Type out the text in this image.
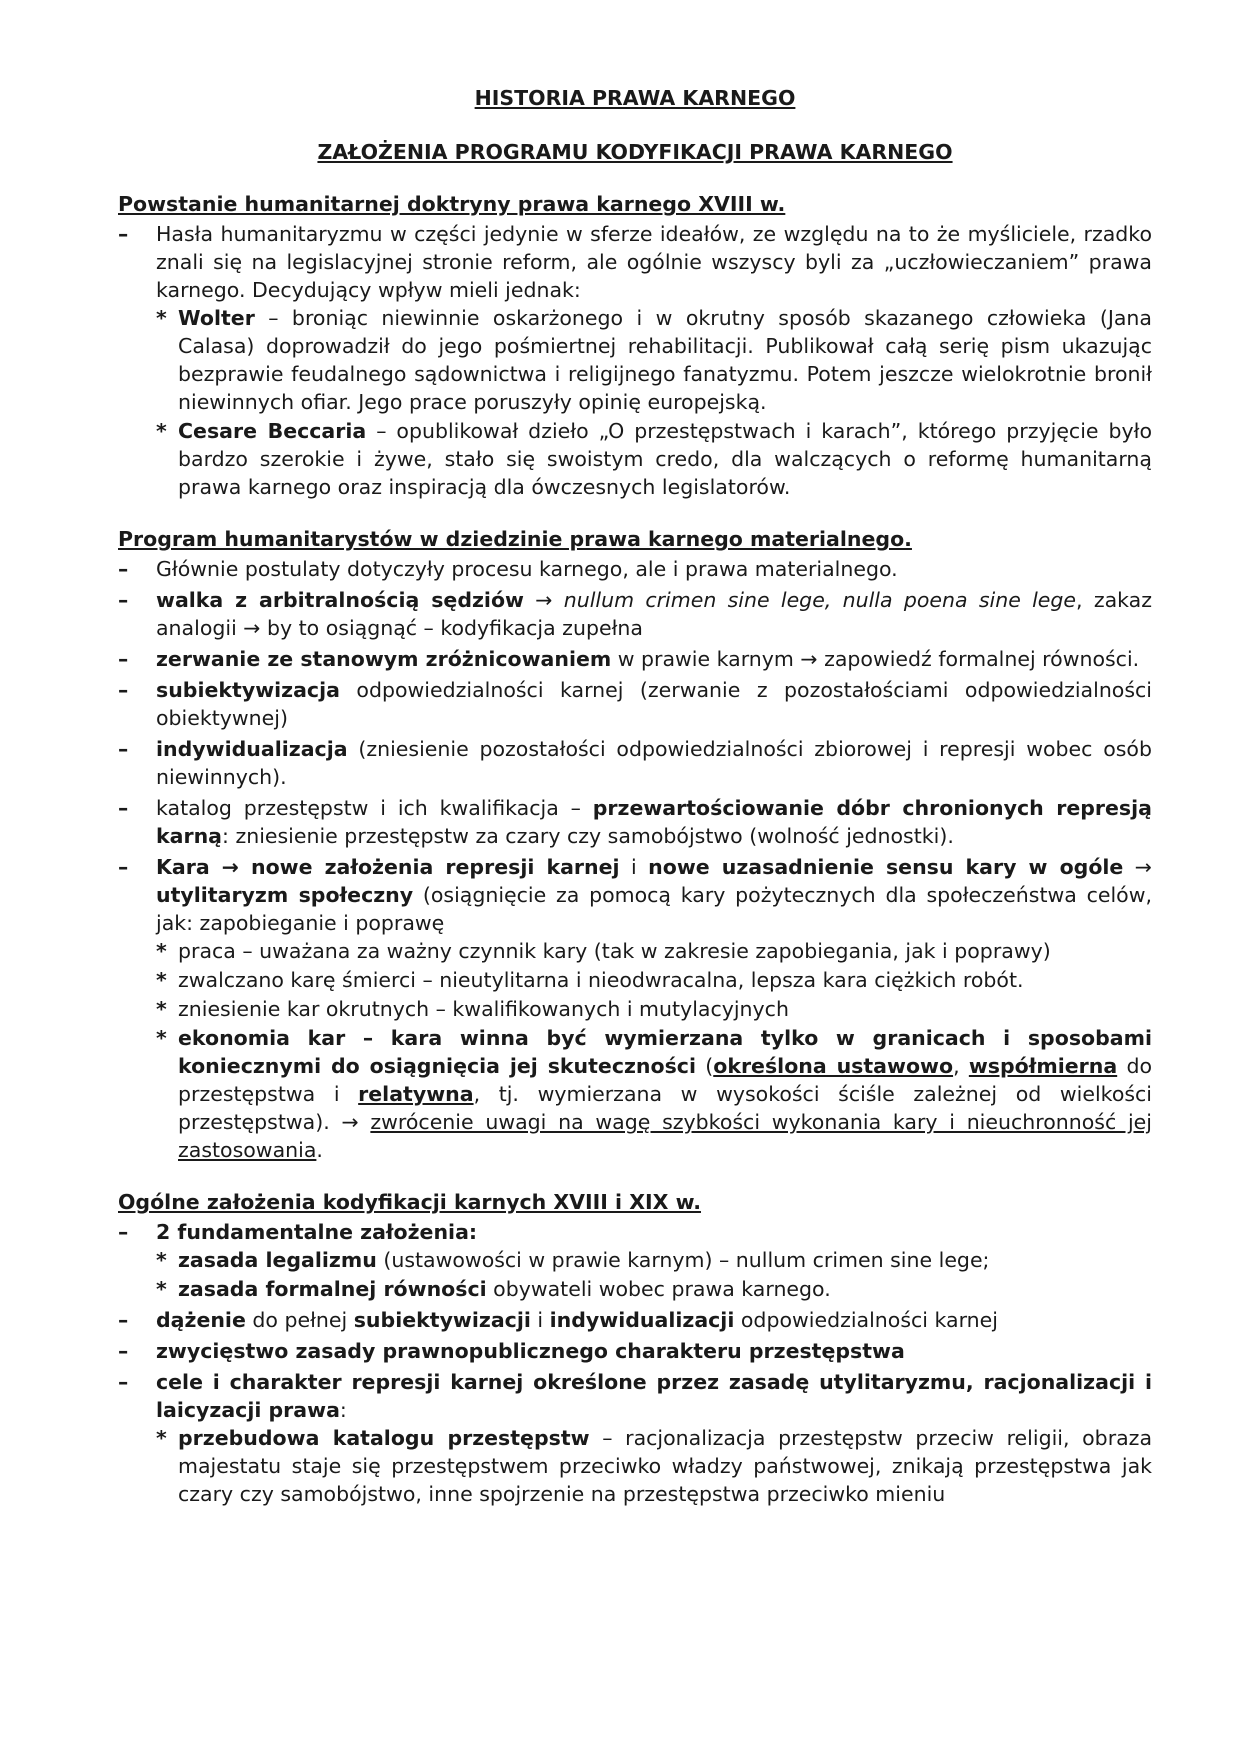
HISTORIA PRAWA KARNEGO

ZAŁOŻENIA PROGRAMU KODYFIKACJI PRAWA KARNEGO

Powstanie humanitarnej doktryny prawa karnego XVIII w.

– Hasła humanitaryzmu w części jedynie w sferze ideałów, ze względu na to że myśliciele, rzadko znali się na legislacyjnej stronie reform, ale ogólnie wszyscy byli za „uczłowieczaniem” prawa karnego. Decydujący wpływ mieli jednak:
* Wolter – broniąc niewinnie oskarżonego i w okrutny sposób skazanego człowieka (Jana Calasa) doprowadził do jego pośmiertnej rehabilitacji. Publikował całą serię pism ukazując bezprawie feudalnego sądownictwa i religijnego fanatyzmu. Potem jeszcze wielokrotnie bronił niewinnych ofiar. Jego prace poruszyły opinię europejską.
* Cesare Beccaria – opublikował dzieło „O przestępstwach i karach”, którego przyjęcie było bardzo szerokie i żywe, stało się swoistym credo, dla walczących o reformę humanitarną prawa karnego oraz inspiracją dla ówczesnych legislatorów.

Program humanitarystów w dziedzinie prawa karnego materialnego.

– Głównie postulaty dotyczyły procesu karnego, ale i prawa materialnego.
– walka z arbitralnością sędziów → nullum crimen sine lege, nulla poena sine lege, zakaz analogii → by to osiągnąć – kodyfikacja zupełna
– zerwanie ze stanowym zróżnicowaniem w prawie karnym → zapowiedź formalnej równości.
– subiektywizacja odpowiedzialności karnej (zerwanie z pozostałościami odpowiedzialności obiektywnej)
– indywidualizacja (zniesienie pozostałości odpowiedzialności zbiorowej i represji wobec osób niewinnych).
– katalog przestępstw i ich kwalifikacja – przewartościowanie dóbr chronionych represją karną: zniesienie przestępstw za czary czy samobójstwo (wolność jednostki).
– Kara → nowe założenia represji karnej i nowe uzasadnienie sensu kary w ogóle → utylitaryzm społeczny (osiągnięcie za pomocą kary pożytecznych dla społeczeństwa celów, jak: zapobieganie i poprawę
* praca – uważana za ważny czynnik kary (tak w zakresie zapobiegania, jak i poprawy)
* zwalczano karę śmierci – nieutylitarna i nieodwracalna, lepsza kara ciężkich robót.
* zniesienie kar okrutnych – kwalifikowanych i mutylacyjnych
* ekonomia kar – kara winna być wymierzana tylko w granicach i sposobami koniecznymi do osiągnięcia jej skuteczności (określona ustawowo, współmierna do przestępstwa i relatywna, tj. wymierzana w wysokości ściśle zależnej od wielkości przestępstwa). → zwrócenie uwagi na wagę szybkości wykonania kary i nieuchronność jej zastosowania.

Ogólne założenia kodyfikacji karnych XVIII i XIX w.

– 2 fundamentalne założenia:
* zasada legalizmu (ustawowości w prawie karnym) – nullum crimen sine lege;
* zasada formalnej równości obywateli wobec prawa karnego.
– dążenie do pełnej subiektywizacji i indywidualizacji odpowiedzialności karnej
– zwycięstwo zasady prawnopublicznego charakteru przestępstwa
– cele i charakter represji karnej określone przez zasadę utylitaryzmu, racjonalizacji i laicyzacji prawa:
* przebudowa katalogu przestępstw – racjonalizacja przestępstw przeciw religii, obraza majestatu staje się przestępstwem przeciwko władzy państwowej, znikają przestępstwa jak czary czy samobójstwo, inne spojrzenie na przestępstwa przeciwko mieniu
